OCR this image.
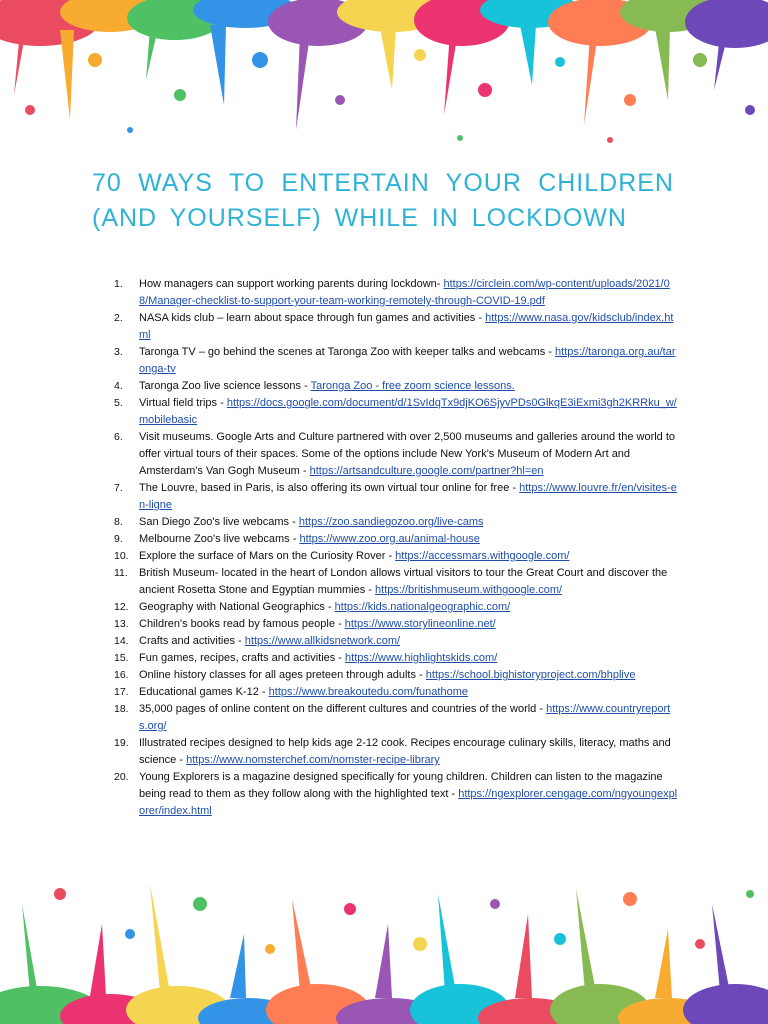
70 WAYS TO ENTERTAIN YOUR CHILDREN (AND YOURSELF) WHILE IN LOCKDOWN
1. How managers can support working parents during lockdown- https://circlein.com/wp-content/uploads/2021/08/Manager-checklist-to-support-your-team-working-remotely-through-COVID-19.pdf
2. NASA kids club – learn about space through fun games and activities - https://www.nasa.gov/kidsclub/index.html
3. Taronga TV – go behind the scenes at Taronga Zoo with keeper talks and webcams - https://taronga.org.au/taronga-tv
4. Taronga Zoo live science lessons - Taronga Zoo - free zoom science lessons.
5. Virtual field trips - https://docs.google.com/document/d/1SvIdqTx9djKO6SjyvPDs0GlkqE3iExmi3gh2KRRku_w/mobilebasic
6. Visit museums. Google Arts and Culture partnered with over 2,500 museums and galleries around the world to offer virtual tours of their spaces. Some of the options include New York's Museum of Modern Art and Amsterdam's Van Gogh Museum - https://artsandculture.google.com/partner?hl=en
7. The Louvre, based in Paris, is also offering its own virtual tour online for free - https://www.louvre.fr/en/visites-en-ligne
8. San Diego Zoo's live webcams - https://zoo.sandiegozoo.org/live-cams
9. Melbourne Zoo's live webcams - https://www.zoo.org.au/animal-house
10. Explore the surface of Mars on the Curiosity Rover - https://accessmars.withgoogle.com/
11. British Museum- located in the heart of London allows virtual visitors to tour the Great Court and discover the ancient Rosetta Stone and Egyptian mummies - https://britishmuseum.withgoogle.com/
12. Geography with National Geographics - https://kids.nationalgeographic.com/
13. Children's books read by famous people - https://www.storylineonline.net/
14. Crafts and activities - https://www.allkidsnetwork.com/
15. Fun games, recipes, crafts and activities - https://www.highlightskids.com/
16. Online history classes for all ages preteen through adults - https://school.bighistoryproject.com/bhplive
17. Educational games K-12 - https://www.breakoutedu.com/funathome
18. 35,000 pages of online content on the different cultures and countries of the world - https://www.countryreports.org/
19. Illustrated recipes designed to help kids age 2-12 cook. Recipes encourage culinary skills, literacy, maths and science - https://www.nomsterchef.com/nomster-recipe-library
20. Young Explorers is a magazine designed specifically for young children. Children can listen to the magazine being read to them as they follow along with the highlighted text - https://ngexplorer.cengage.com/ngyoungexplorer/index.html
